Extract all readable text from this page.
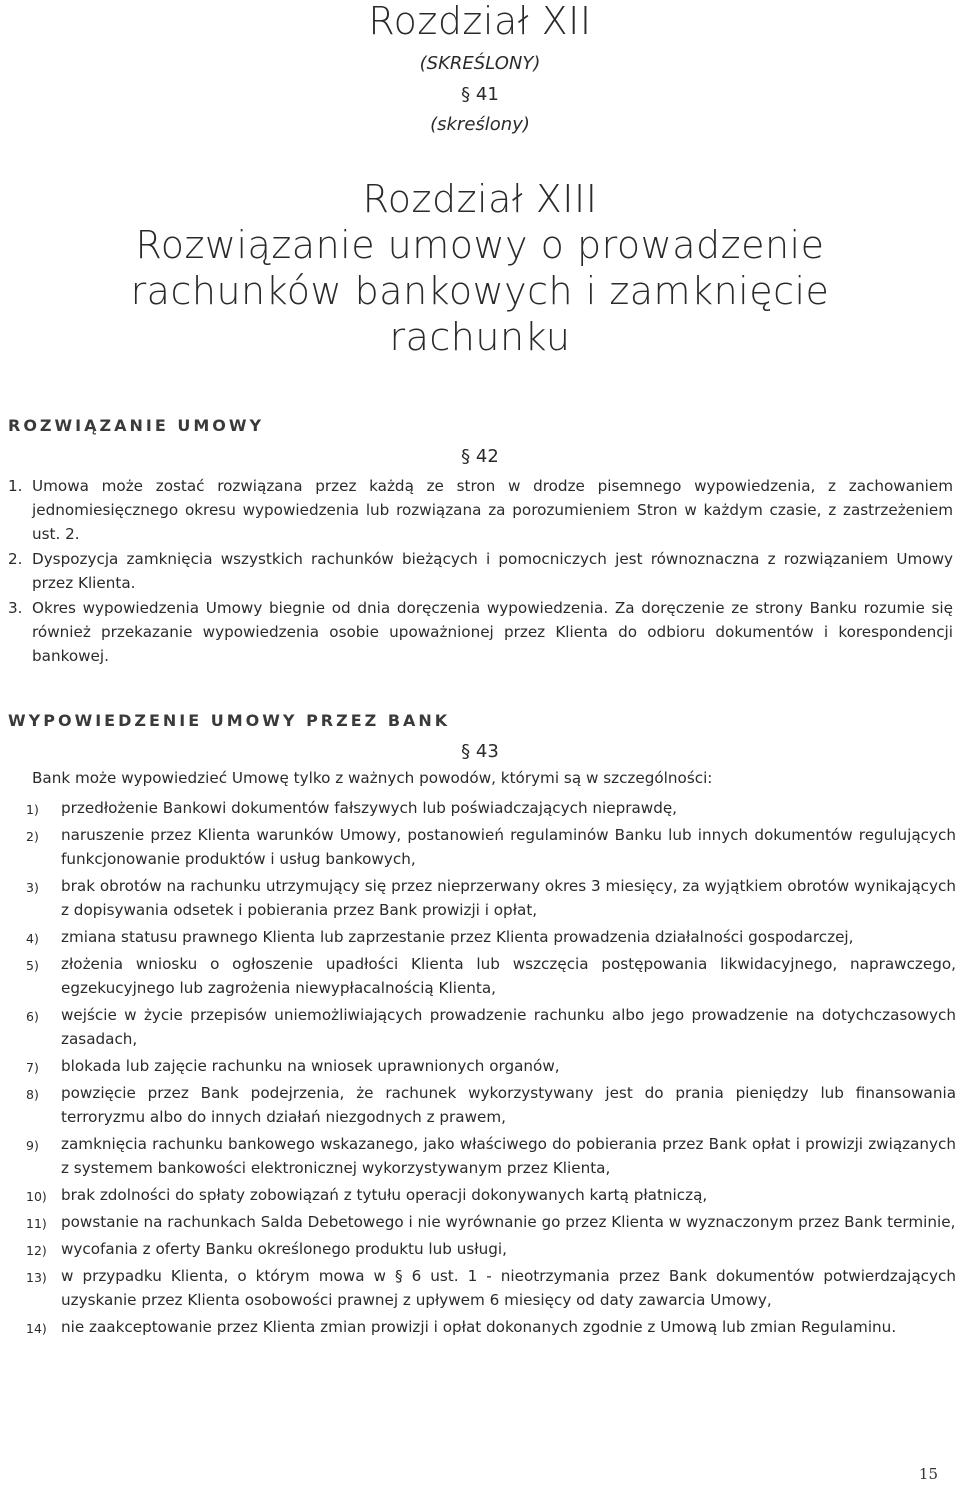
Rozdział XII
(SKREŚLONY)
§ 41
(skreślony)
Rozdział XIII
Rozwiązanie umowy o prowadzenie
rachunków bankowych i zamknięcie
rachunku
ROZWIĄZANIE UMOWY
§ 42
1. Umowa może zostać rozwiązana przez każdą ze stron w drodze pisemnego wypowiedzenia, z zachowaniem jednomiesięcznego okresu wypowiedzenia lub rozwiązana za porozumieniem Stron w każdym czasie, z zastrzeżeniem ust. 2.
2. Dyspozycja zamknięcia wszystkich rachunków bieżących i pomocniczych jest równoznaczna z rozwiązaniem Umowy przez Klienta.
3. Okres wypowiedzenia Umowy biegnie od dnia doręczenia wypowiedzenia. Za doręczenie ze strony Banku rozumie się również przekazanie wypowiedzenia osobie upoważnionej przez Klienta do odbioru dokumentów i korespondencji bankowej.
WYPOWIEDZENIE UMOWY PRZEZ BANK
§ 43
Bank może wypowiedzieć Umowę tylko z ważnych powodów, którymi są w szczególności:
1) przedłożenie Bankowi dokumentów fałszywych lub poświadczających nieprawdę,
2) naruszenie przez Klienta warunków Umowy, postanowień regulaminów Banku lub innych dokumentów regulujących funkcjonowanie produktów i usług bankowych,
3) brak obrotów na rachunku utrzymujący się przez nieprzerwany okres 3 miesięcy, za wyjątkiem obrotów wynikających z dopisywania odsetek i pobierania przez Bank prowizji i opłat,
4) zmiana statusu prawnego Klienta lub zaprzestanie przez Klienta prowadzenia działalności gospodarczej,
5) złożenia wniosku o ogłoszenie upadłości Klienta lub wszczęcia postępowania likwidacyjnego, naprawczego, egzekucyjnego lub zagrożenia niewypłacalnością Klienta,
6) wejście w życie przepisów uniemożliwiających prowadzenie rachunku albo jego prowadzenie na dotychczasowych zasadach,
7) blokada lub zajęcie rachunku na wniosek uprawnionych organów,
8) powzięcie przez Bank podejrzenia, że rachunek wykorzystywany jest do prania pieniędzy lub finansowania terroryzmu albo do innych działań niezgodnych z prawem,
9) zamknięcia rachunku bankowego wskazanego, jako właściwego do pobierania przez Bank opłat i prowizji związanych z systemem bankowości elektronicznej wykorzystywanym przez Klienta,
10) brak zdolności do spłaty zobowiązań z tytułu operacji dokonywanych kartą płatniczą,
11) powstanie na rachunkach Salda Debetowego i nie wyrównanie go przez Klienta w wyznaczonym przez Bank terminie,
12) wycofania z oferty Banku określonego produktu lub usługi,
13) w przypadku Klienta, o którym mowa w § 6 ust. 1 - nieotrzymania przez Bank dokumentów potwierdzających uzyskanie przez Klienta osobowości prawnej z upływem 6 miesięcy od daty zawarcia Umowy,
14) nie zaakceptowanie przez Klienta zmian prowizji i opłat dokonanych zgodnie z Umową lub zmian Regulaminu.
15
